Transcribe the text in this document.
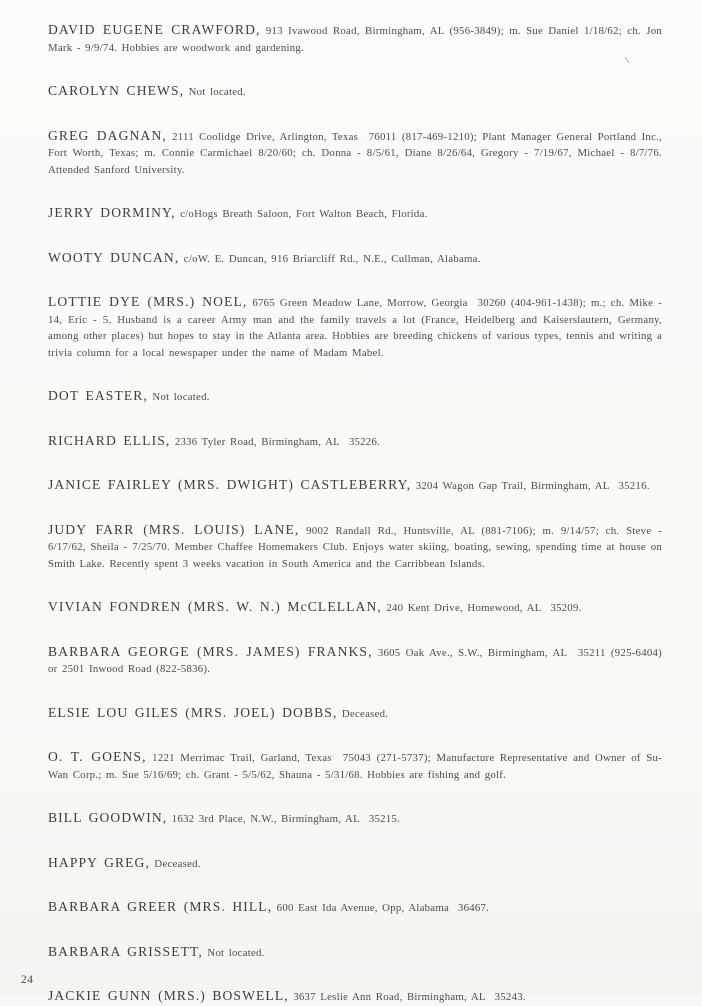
DAVID EUGENE CRAWFORD, 913 Ivawood Road, Birmingham, AL (956-3849); m. Sue Daniel 1/18/62; ch. Jon Mark - 9/9/74. Hobbies are woodwork and gardening.

CAROLYN CHEWS, Not located.

GREG DAGNAN, 2111 Coolidge Drive, Arlington, Texas  76011 (817-469-1210); Plant Manager General Portland Inc., Fort Worth, Texas; m. Connie Carmichael 8/20/60; ch. Donna - 8/5/61, Diane 8/26/64, Gregory - 7/19/67, Michael - 8/7/76. Attended Sanford University.

JERRY DORMINY, c/oHogs Breath Saloon, Fort Walton Beach, Florida.

WOOTY DUNCAN, c/oW. E. Duncan, 916 Briarcliff Rd., N.E., Cullman, Alabama.

LOTTIE DYE (MRS.) NOEL, 6765 Green Meadow Lane, Morrow, Georgia  30260 (404-961-1438); m.; ch. Mike - 14, Eric - 5. Husband is a career Army man and the family travels a lot (France, Heidelberg and Kaiserslautern, Germany, among other places) but hopes to stay in the Atlanta area. Hobbies are breeding chickens of various types, tennis and writing a trivia column for a local newspaper under the name of Madam Mabel.

DOT EASTER, Not located.

RICHARD ELLIS, 2336 Tyler Road, Birmingham, AL  35226.

JANICE FAIRLEY (MRS. DWIGHT) CASTLEBERRY, 3204 Wagon Gap Trail, Birmingham, AL  35216.

JUDY FARR (MRS. LOUIS) LANE, 9002 Randall Rd., Huntsville, AL (881-7106); m. 9/14/57; ch. Steve - 6/17/62, Sheila - 7/25/70. Member Chaffee Homemakers Club. Enjoys water skiing, boating, sewing, spending time at house on Smith Lake. Recently spent 3 weeks vacation in South America and the Carribbean Islands.

VIVIAN FONDREN (MRS. W. N.) McCLELLAN, 240 Kent Drive, Homewood, AL  35209.

BARBARA GEORGE (MRS. JAMES) FRANKS, 3605 Oak Ave., S.W., Birmingham, AL  35211 (925-6404) or 2501 Inwood Road (822-5836).

ELSIE LOU GILES (MRS. JOEL) DOBBS, Deceased.

O. T. GOENS, 1221 Merrimac Trail, Garland, Texas  75043 (271-5737); Manufacture Representative and Owner of Su-Wan Corp.; m. Sue 5/16/69; ch. Grant - 5/5/62, Shauna - 5/31/68. Hobbies are fishing and golf.

BILL GOODWIN, 1632 3rd Place, N.W., Birmingham, AL  35215.

HAPPY GREG, Deceased.

BARBARA GREER (MRS. HILL, 600 East Ida Avenue, Opp, Alabama  36467.

BARBARA GRISSETT, Not located.

JACKIE GUNN (MRS.) BOSWELL, 3637 Leslie Ann Road, Birmingham, AL  35243.

24
